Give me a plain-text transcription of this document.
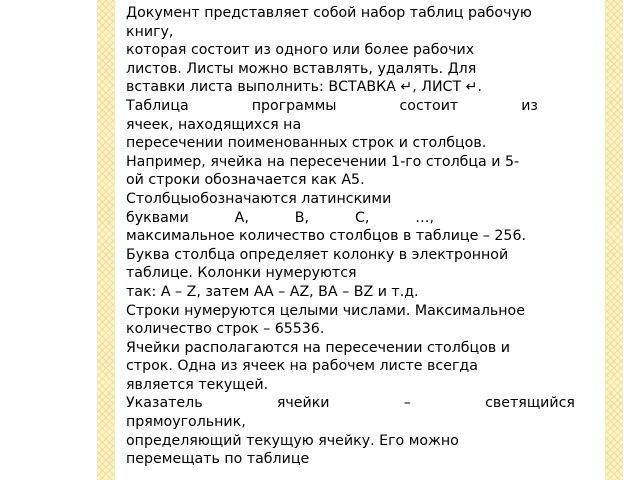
Документ представляет собой набор таблиц рабочую
книгу,
которая состоит из одного или более рабочих
листов. Листы можно вставлять, удалять. Для
вставки листа выполнить: ВСТАВКА ↵, ЛИСТ ↵.
Таблица	программы	состоит	из
ячеек, находящихся на
пересечении поименованных строк и столбцов.
Например, ячейка на пересечении 1-го столбца и 5-
ой строки обозначается как А5.
Столбцы обозначаются латинскими
буквами	А,	В,	С,	…,
максимальное количество столбцов в таблице – 256.
Буква столбца определяет колонку в электронной
таблице. Колонки нумеруются
так: A – Z, затем AA – AZ, BA – BZ и т.д.
Строки нумеруются целыми числами. Максимальное
количество строк – 65536.
Ячейки располагаются на пересечении столбцов и
строк. Одна из ячеек на рабочем листе всегда
является текущей.
Указатель	ячейки	–	светящийся
прямоугольник,
определяющий текущую ячейку. Его можно
перемещать по таблице
